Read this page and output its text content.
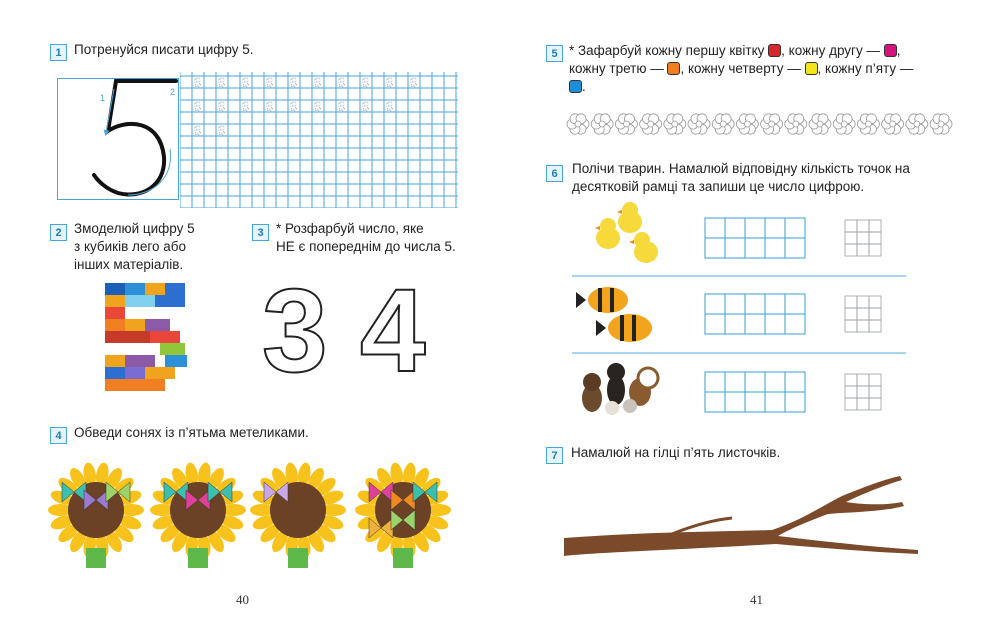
1 Потренуйся писати цифру 5.
1
2
5 5 5 5 5 5 5 5 5 5
5 5 5 5 5 5 5 5 5
5 5
2 Змоделюй цифру 5
з кубиків лего або
інших матеріалів.
3 * Розфарбуй число, яке
НЕ є попереднім до числа 5.
3 4
4 Обведи сонях із п’ятьма метеликами.
40
5 * Зафарбуй кожну першу квітку , кожну другу — ,
кожну третю — , кожну четверту — , кожну п’яту —
.
6	Полічи тварин. Намалюй відповідну кількість точок на
десятковій рамці та запиши це число цифрою.
7 Намалюй на гілці п’ять листочків.
41
